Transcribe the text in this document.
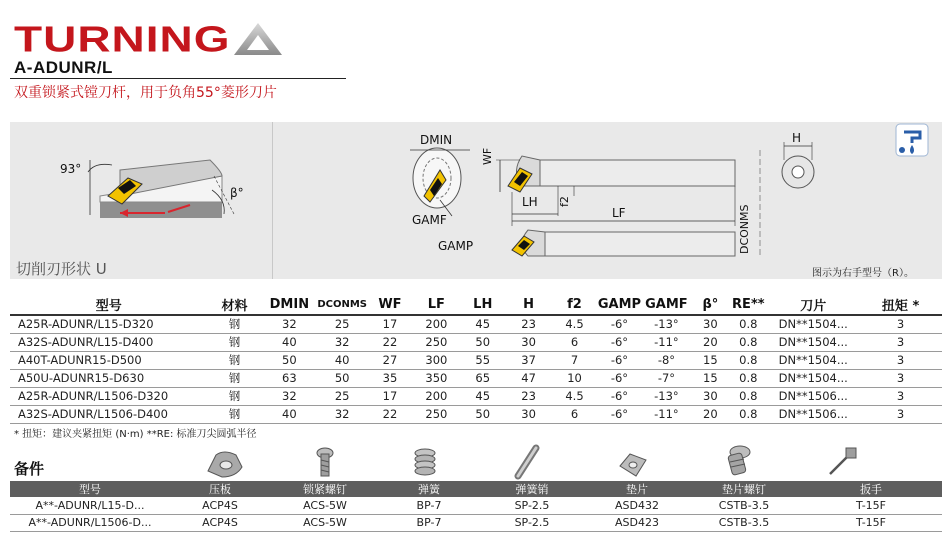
TURNING
A-ADUNR/L
双重锁紧式镗刀杆，用于负角55°菱形刀片
93°
β°
切削刃形状 U
DMIN
GAMF
GAMP
WF
LH f2
LF	DCONMS
H
图示为右手型号（R）。
型号	材料	DMIN	DCONMS	WF	LF	LH	H	f2	GAMP	GAMF	β°	RE**	刀片	扭矩 *
A25R-ADUNR/L15-D320	钢	32	25	17	200	45	23	4.5	-6°	-13°	30	0.8	DN**1504...	3
A32S-ADUNR/L15-D400	钢	40	32	22	250	50	30	6	-6°	-11°	20	0.8	DN**1504...	3
A40T-ADUNR15-D500	钢	50	40	27	300	55	37	7	-6°	-8°	15	0.8	DN**1504...	3
A50U-ADUNR15-D630	钢	63	50	35	350	65	47	10	-6°	-7°	15	0.8	DN**1504...	3
A25R-ADUNR/L1506-D320	钢	32	25	17	200	45	23	4.5	-6°	-13°	30	0.8	DN**1506...	3
A32S-ADUNR/L1506-D400	钢	40	32	22	250	50	30	6	-6°	-11°	20	0.8	DN**1506...	3
* 扭矩：建议夹紧扭矩 (N·m) **RE: 标准刀尖圆弧半径
备件
型号	压板	锁紧螺钉	弹簧	弹簧销	垫片	垫片螺钉	扳手
A**-ADUNR/L15-D...	ACP4S	ACS-5W	BP-7	SP-2.5	ASD432	CSTB-3.5	T-15F
A**-ADUNR/L1506-D...	ACP4S	ACS-5W	BP-7	SP-2.5	ASD423	CSTB-3.5	T-15F
